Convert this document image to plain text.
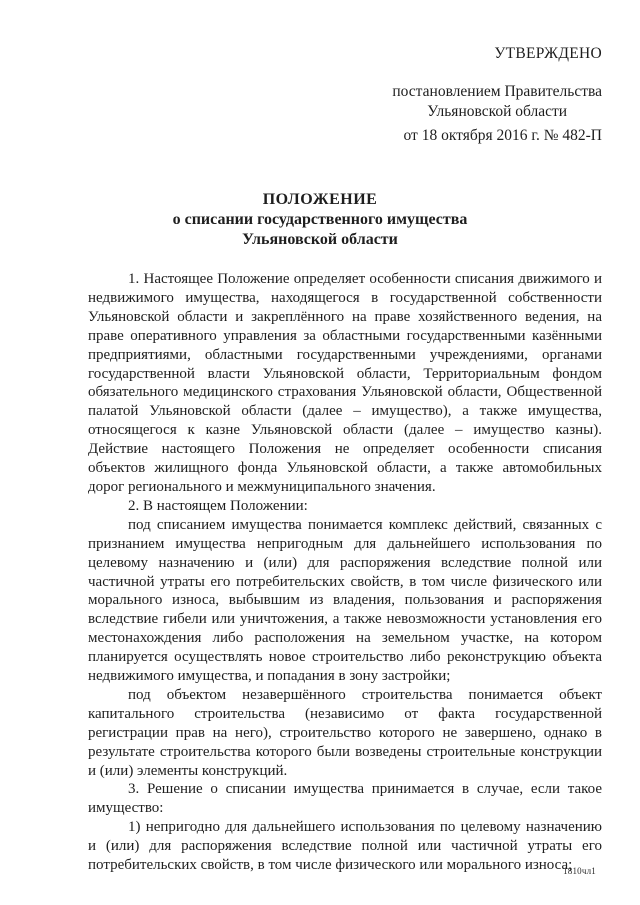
УТВЕРЖДЕНО
постановлением Правительства
Ульяновской области
от 18 октября 2016 г. № 482-П
ПОЛОЖЕНИЕ
о списании государственного имущества
Ульяновской области

1. Настоящее Положение определяет особенности списания движимого и недвижимого имущества, находящегося в государственной собственности Ульяновской области и закреплённого на праве хозяйственного ведения, на праве оперативного управления за областными государственными казёнными предприятиями, областными государственными учреждениями, органами государственной власти Ульяновской области, Территориальным фондом обязательного медицинского страхования Ульяновской области, Общественной палатой Ульяновской области (далее – имущество), а также имущества, относящегося к казне Ульяновской области (далее – имущество казны). Действие настоящего Положения не определяет особенности списания объектов жилищного фонда Ульяновской области, а также автомобильных дорог регионального и межмуниципального значения.

2. В настоящем Положении:

под списанием имущества понимается комплекс действий, связанных с признанием имущества непригодным для дальнейшего использования по целевому назначению и (или) для распоряжения вследствие полной или частичной утраты его потребительских свойств, в том числе физического или морального износа, выбывшим из владения, пользования и распоряжения вследствие гибели или уничтожения, а также невозможности установления его местонахождения либо расположения на земельном участке, на котором планируется осуществлять новое строительство либо реконструкцию объекта недвижимого имущества, и попадания в зону застройки;

под объектом незавершённого строительства понимается объект капитального строительства (независимо от факта государственной регистрации прав на него), строительство которого не завершено, однако в результате строительства которого были возведены строительные конструкции и (или) элементы конструкций.

3. Решение о списании имущества принимается в случае, если такое имущество:

1) непригодно для дальнейшего использования по целевому назначению и (или) для распоряжения вследствие полной или частичной утраты его потребительских свойств, в том числе физического или морального износа;

1810чл1
